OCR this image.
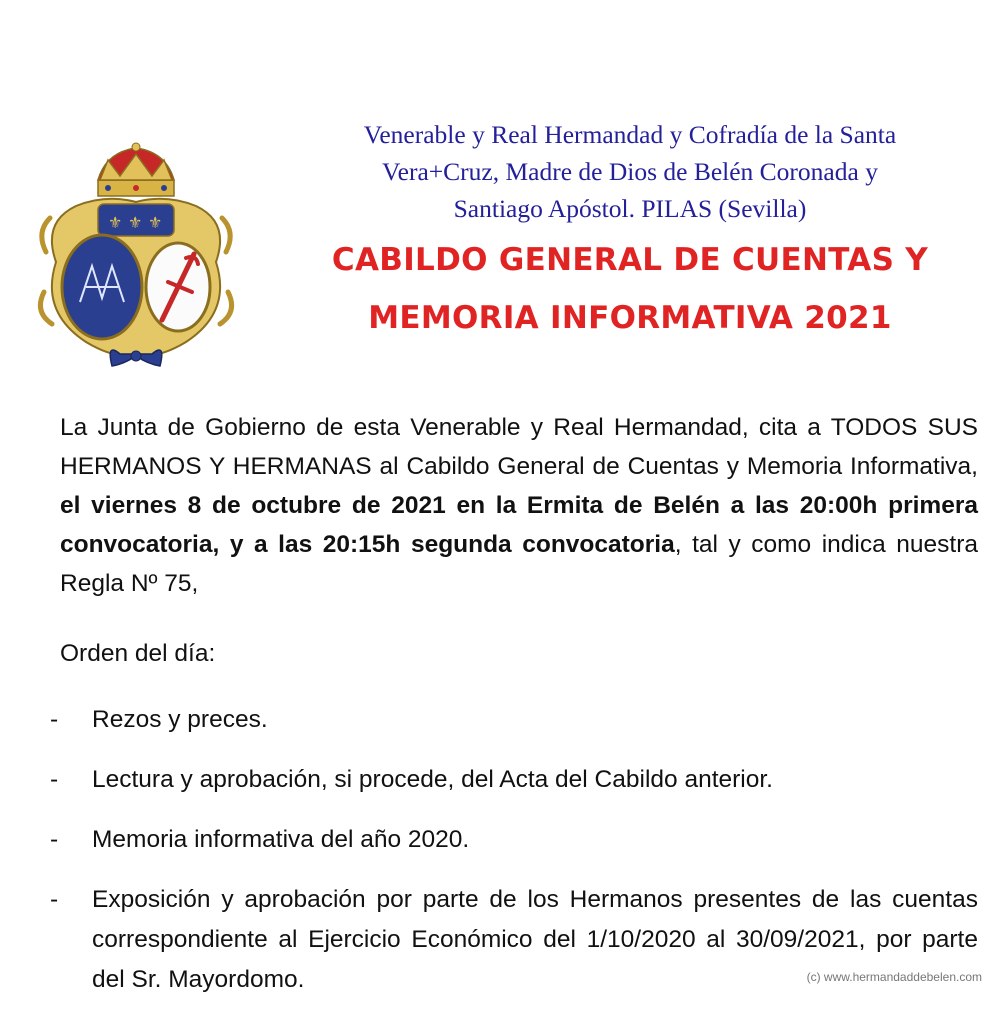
⚜ ⚜ ⚜
Venerable y Real Hermandad y Cofradía de la Santa
Vera+Cruz, Madre de Dios de Belén Coronada y
Santiago Apóstol. PILAS (Sevilla)
CABILDO GENERAL DE CUENTAS Y
MEMORIA INFORMATIVA 2021

La Junta de Gobierno de esta Venerable y Real Hermandad, cita a TODOS SUS HERMANOS Y HERMANAS al Cabildo General de Cuentas y Memoria Informativa, el viernes 8 de octubre de 2021 en la Ermita de Belén a las 20:00h primera convocatoria, y a las 20:15h segunda convocatoria, tal y como indica nuestra Regla Nº 75,

Orden del día:
- Rezos y preces.
- Lectura y aprobación, si procede, del Acta del Cabildo anterior.
- Memoria informativa del año 2020.
- Exposición y aprobación por parte de los Hermanos presentes de las cuentas correspondiente al Ejercicio Económico del 1/10/2020 al 30/09/2021, por parte del Sr. Mayordomo.	(c) www.hermandaddebelen.com
